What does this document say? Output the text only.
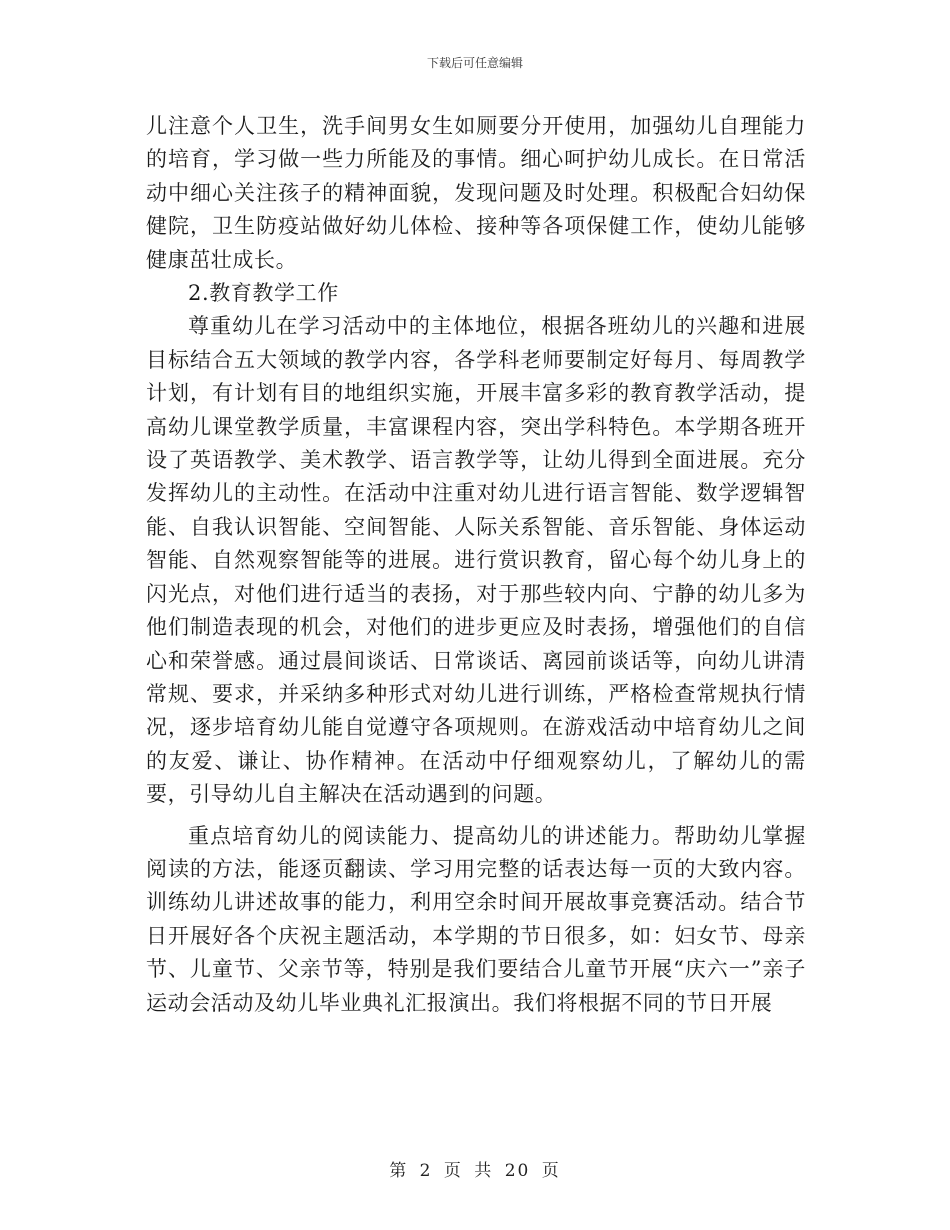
下载后可任意编辑

儿注意个人卫生，洗手间男女生如厕要分开使用，加强幼儿自理能力的培育，学习做一些力所能及的事情。细心呵护幼儿成长。在日常活动中细心关注孩子的精神面貌，发现问题及时处理。积极配合妇幼保健院，卫生防疫站做好幼儿体检、接种等各项保健工作，使幼儿能够健康茁壮成长。

2.教育教学工作

尊重幼儿在学习活动中的主体地位，根据各班幼儿的兴趣和进展目标结合五大领域的教学内容，各学科老师要制定好每月、每周教学计划，有计划有目的地组织实施，开展丰富多彩的教育教学活动，提高幼儿课堂教学质量，丰富课程内容，突出学科特色。本学期各班开设了英语教学、美术教学、语言教学等，让幼儿得到全面进展。充分发挥幼儿的主动性。在活动中注重对幼儿进行语言智能、数学逻辑智能、自我认识智能、空间智能、人际关系智能、音乐智能、身体运动智能、自然观察智能等的进展。进行赏识教育，留心每个幼儿身上的闪光点，对他们进行适当的表扬，对于那些较内向、宁静的幼儿多为他们制造表现的机会，对他们的进步更应及时表扬，增强他们的自信心和荣誉感。通过晨间谈话、日常谈话、离园前谈话等，向幼儿讲清常规、要求，并采纳多种形式对幼儿进行训练，严格检查常规执行情况，逐步培育幼儿能自觉遵守各项规则。在游戏活动中培育幼儿之间的友爱、谦让、协作精神。在活动中仔细观察幼儿，了解幼儿的需要，引导幼儿自主解决在活动遇到的问题。

重点培育幼儿的阅读能力、提高幼儿的讲述能力。帮助幼儿掌握阅读的方法，能逐页翻读、学习用完整的话表达每一页的大致内容。训练幼儿讲述故事的能力，利用空余时间开展故事竞赛活动。结合节日开展好各个庆祝主题活动，本学期的节日很多，如：妇女节、母亲节、儿童节、父亲节等，特别是我们要结合儿童节开展“庆六一”亲子运动会活动及幼儿毕业典礼汇报演出。我们将根据不同的节日开展

第 2 页 共 20 页
